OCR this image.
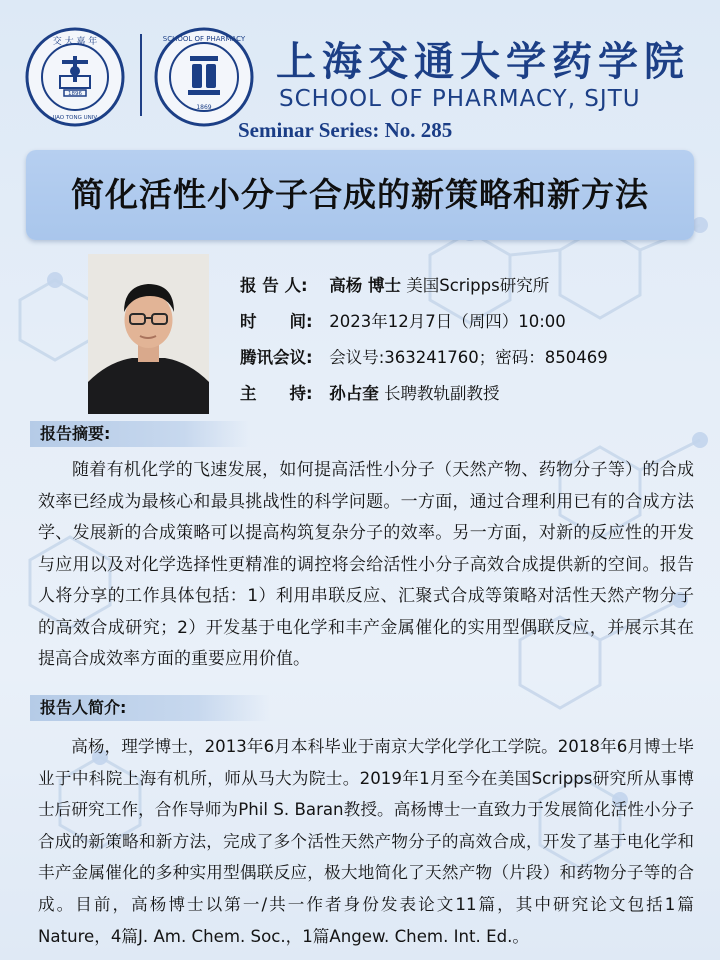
交 大 嘉 年
1896
JIAO TONG UNIV
SCHOOL OF PHARMACY
1869
上海交通大学药学院
SCHOOL OF PHARMACY, SJTU
Seminar Series: No. 285
简化活性小分子合成的新策略和新方法
报 告 人: 高杨 博士 美国Scripps研究所
时　　间: 2023年12月7日（周四）10:00
腾讯会议: 会议号:363241760；密码：850469
主　　持: 孙占奎 长聘教轨副教授
报告摘要:
随着有机化学的飞速发展，如何提高活性小分子（天然产物、药物分子等）的合成效率已经成为最核心和最具挑战性的科学问题。一方面，通过合理利用已有的合成方法学、发展新的合成策略可以提高构筑复杂分子的效率。另一方面，对新的反应性的开发与应用以及对化学选择性更精准的调控将会给活性小分子高效合成提供新的空间。报告人将分享的工作具体包括：1）利用串联反应、汇聚式合成等策略对活性天然产物分子的高效合成研究；2）开发基于电化学和丰产金属催化的实用型偶联反应，并展示其在提高合成效率方面的重要应用价值。
报告人简介:
高杨，理学博士，2013年6月本科毕业于南京大学化学化工学院。2018年6月博士毕业于中科院上海有机所，师从马大为院士。2019年1月至今在美国Scripps研究所从事博士后研究工作，合作导师为Phil S. Baran教授。高杨博士一直致力于发展简化活性小分子合成的新策略和新方法，完成了多个活性天然产物分子的高效合成，开发了基于电化学和丰产金属催化的多种实用型偶联反应，极大地简化了天然产物（片段）和药物分子等的合成。目前，高杨博士以第一/共一作者身份发表论文11篇，其中研究论文包括1篇Nature，4篇J. Am. Chem. Soc.，1篇Angew. Chem. Int. Ed.。
